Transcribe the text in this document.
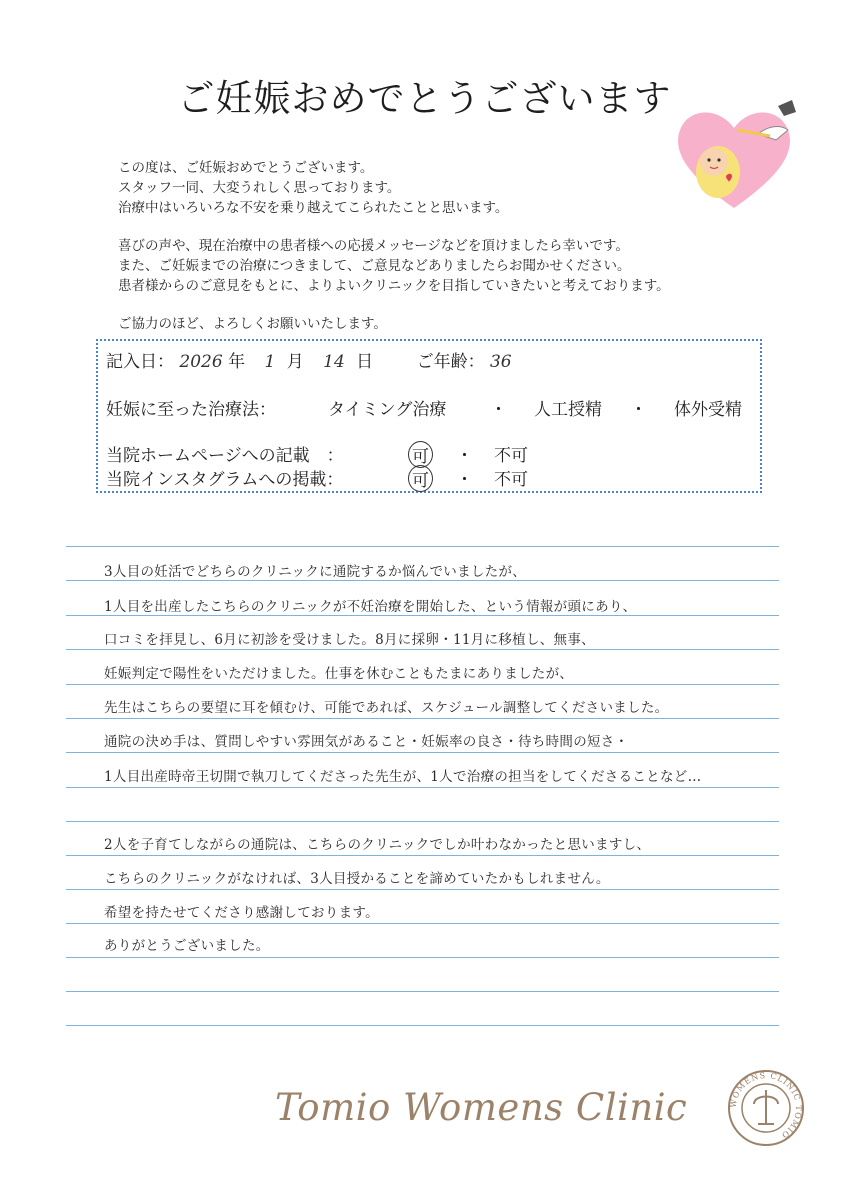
ご妊娠おめでとうございます

この度は、ご妊娠おめでとうございます。
スタッフ一同、大変うれしく思っております。
治療中はいろいろな不安を乗り越えてこられたことと思います。

喜びの声や、現在治療中の患者様への応援メッセージなどを頂けましたら幸いです。
また、ご妊娠までの治療につきまして、ご意見などありましたらお聞かせください。
患者様からのご意見をもとに、よりよいクリニックを目指していきたいと考えております。

ご協力のほど、よろしくお願いいたします。

記入日： 2026 年 1 月 14 日	ご年齢： 36
妊娠に至った治療法：	タイミング治療	・ 人工授精 ・ 体外受精
当院ホームページへの記載　：	可 ・ 不可
当院インスタグラムへの掲載：	可 ・ 不可
3人目の妊活でどちらのクリニックに通院するか悩んでいましたが、
1人目を出産したこちらのクリニックが不妊治療を開始した、という情報が頭にあり、
口コミを拝見し、6月に初診を受けました。8月に採卵・11月に移植し、無事、
妊娠判定で陽性をいただけました。仕事を休むこともたまにありましたが、
先生はこちらの要望に耳を傾むけ、可能であれば、スケジュール調整してくださいました。
通院の決め手は、質問しやすい雰囲気があること・妊娠率の良さ・待ち時間の短さ・
1人目出産時帝王切開で執刀してくださった先生が、1人で治療の担当をしてくださることなど…
2人を子育てしながらの通院は、こちらのクリニックでしか叶わなかったと思いますし、
こちらのクリニックがなければ、3人目授かることを諦めていたかもしれません。
希望を持たせてくださり感謝しております。
ありがとうございました。
Tomio Womens Clinic	WOMENS CLINIC TOMIO
